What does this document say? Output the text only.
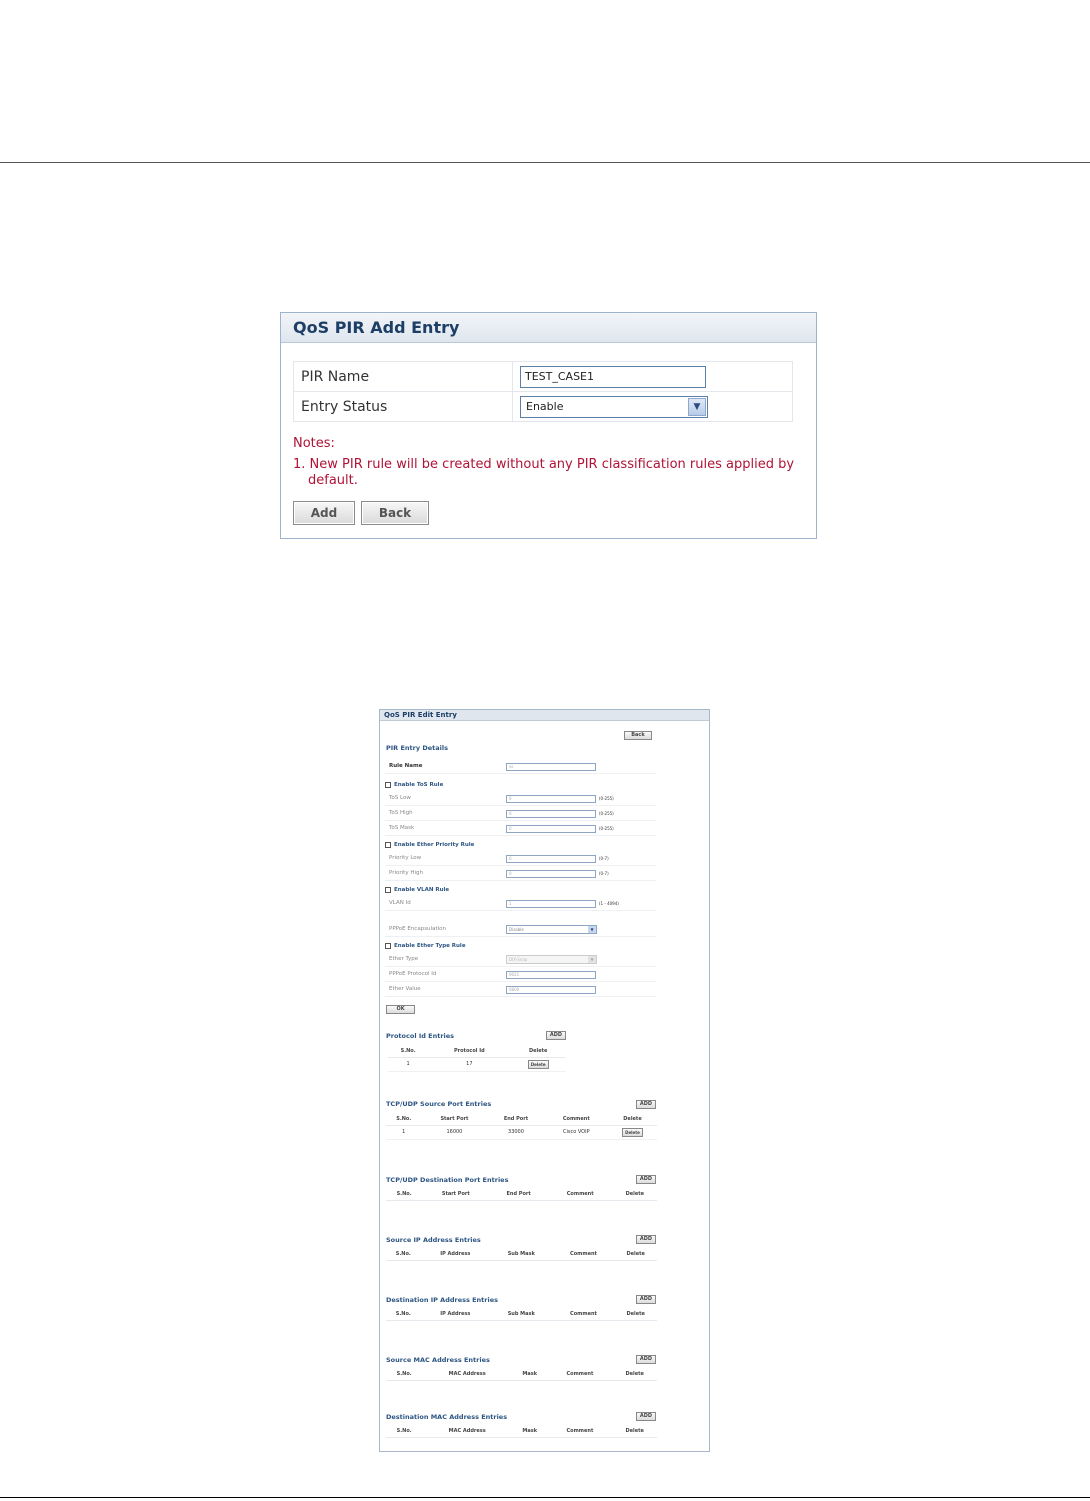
QoS PIR Add Entry
PIR Name	TEST_CASE1
Entry Status	Enable ▼
Notes:
1. New PIR rule will be created without any PIR classification rules applied by default.
Add	Back
QoS PIR Edit Entry
Back
PIR Entry Details
Rule Name	ss
Enable ToS Rule
ToS Low	0	(0-255)
ToS High	0	(0-255)
ToS Mask	0	(0-255)
Enable Ether Priority Rule
Priority Low	0	(0-7)
Priority High	0	(0-7)
Enable VLAN Rule
VLAN Id	1	(1 - 4094)
PPPoE Encapsulation	Disable	▼
Enable Ether Type Rule
Ether Type	DIX-Snap	▼
PPPoE Protocol Id	0021
Ether Value	0800
OK
Protocol Id Entries	ADD
S.No.	Protocol Id	Delete
1	17	Delete
TCP/UDP Source Port Entries	ADD
S.No.	Start Port	End Port	Comment	Delete
1	16000	33000	Cisco VOIP	Delete
TCP/UDP Destination Port Entries	ADD
S.No.	Start Port	End Port	Comment	Delete
Source IP Address Entries	ADD
S.No.	IP Address	Sub Mask	Comment	Delete
Destination IP Address Entries	ADD
S.No.	IP Address	Sub Mask	Comment	Delete
Source MAC Address Entries	ADD
S.No.	MAC Address	Mask	Comment	Delete
Destination MAC Address Entries	ADD
S.No.	MAC Address	Mask	Comment	Delete
